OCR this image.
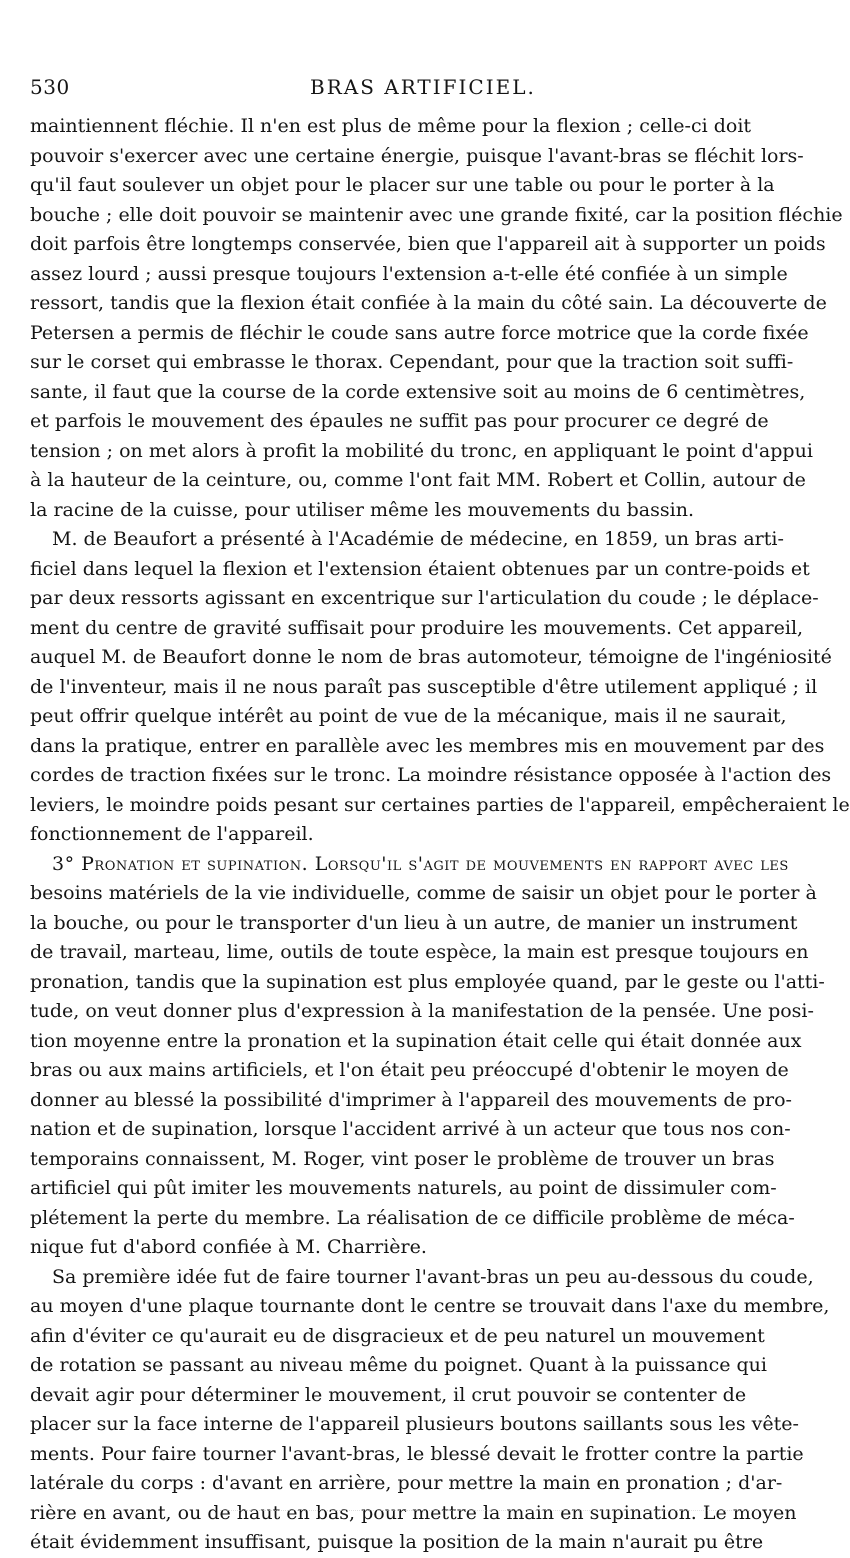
530	BRAS ARTIFICIEL.
maintiennent fléchie. Il n'en est plus de même pour la flexion ; celle-ci doit
pouvoir s'exercer avec une certaine énergie, puisque l'avant-bras se fléchit lors-
qu'il faut soulever un objet pour le placer sur une table ou pour le porter à la
bouche ; elle doit pouvoir se maintenir avec une grande fixité, car la position fléchie
doit parfois être longtemps conservée, bien que l'appareil ait à supporter un poids
assez lourd ; aussi presque toujours l'extension a-t-elle été confiée à un simple
ressort, tandis que la flexion était confiée à la main du côté sain. La découverte de
Petersen a permis de fléchir le coude sans autre force motrice que la corde fixée
sur le corset qui embrasse le thorax. Cependant, pour que la traction soit suffi-
sante, il faut que la course de la corde extensive soit au moins de 6 centimètres,
et parfois le mouvement des épaules ne suffit pas pour procurer ce degré de
tension ; on met alors à profit la mobilité du tronc, en appliquant le point d'appui
à la hauteur de la ceinture, ou, comme l'ont fait MM. Robert et Collin, autour de
la racine de la cuisse, pour utiliser même les mouvements du bassin.
M. de Beaufort a présenté à l'Académie de médecine, en 1859, un bras arti-
ficiel dans lequel la flexion et l'extension étaient obtenues par un contre-poids et
par deux ressorts agissant en excentrique sur l'articulation du coude ; le déplace-
ment du centre de gravité suffisait pour produire les mouvements. Cet appareil,
auquel M. de Beaufort donne le nom de bras automoteur, témoigne de l'ingéniosité
de l'inventeur, mais il ne nous paraît pas susceptible d'être utilement appliqué ; il
peut offrir quelque intérêt au point de vue de la mécanique, mais il ne saurait,
dans la pratique, entrer en parallèle avec les membres mis en mouvement par des
cordes de traction fixées sur le tronc. La moindre résistance opposée à l'action des
leviers, le moindre poids pesant sur certaines parties de l'appareil, empêcheraient le
fonctionnement de l'appareil.
3° Pronation et supination. Lorsqu'il s'agit de mouvements en rapport avec les
besoins matériels de la vie individuelle, comme de saisir un objet pour le porter à
la bouche, ou pour le transporter d'un lieu à un autre, de manier un instrument
de travail, marteau, lime, outils de toute espèce, la main est presque toujours en
pronation, tandis que la supination est plus employée quand, par le geste ou l'atti-
tude, on veut donner plus d'expression à la manifestation de la pensée. Une posi-
tion moyenne entre la pronation et la supination était celle qui était donnée aux
bras ou aux mains artificiels, et l'on était peu préoccupé d'obtenir le moyen de
donner au blessé la possibilité d'imprimer à l'appareil des mouvements de pro-
nation et de supination, lorsque l'accident arrivé à un acteur que tous nos con-
temporains connaissent, M. Roger, vint poser le problème de trouver un bras
artificiel qui pût imiter les mouvements naturels, au point de dissimuler com-
plétement la perte du membre. La réalisation de ce difficile problème de méca-
nique fut d'abord confiée à M. Charrière.
Sa première idée fut de faire tourner l'avant-bras un peu au-dessous du coude,
au moyen d'une plaque tournante dont le centre se trouvait dans l'axe du membre,
afin d'éviter ce qu'aurait eu de disgracieux et de peu naturel un mouvement
de rotation se passant au niveau même du poignet. Quant à la puissance qui
devait agir pour déterminer le mouvement, il crut pouvoir se contenter de
placer sur la face interne de l'appareil plusieurs boutons saillants sous les vête-
ments. Pour faire tourner l'avant-bras, le blessé devait le frotter contre la partie
latérale du corps : d'avant en arrière, pour mettre la main en pronation ; d'ar-
rière en avant, ou de haut en bas, pour mettre la main en supination. Le moyen
était évidemment insuffisant, puisque la position de la main n'aurait pu être
